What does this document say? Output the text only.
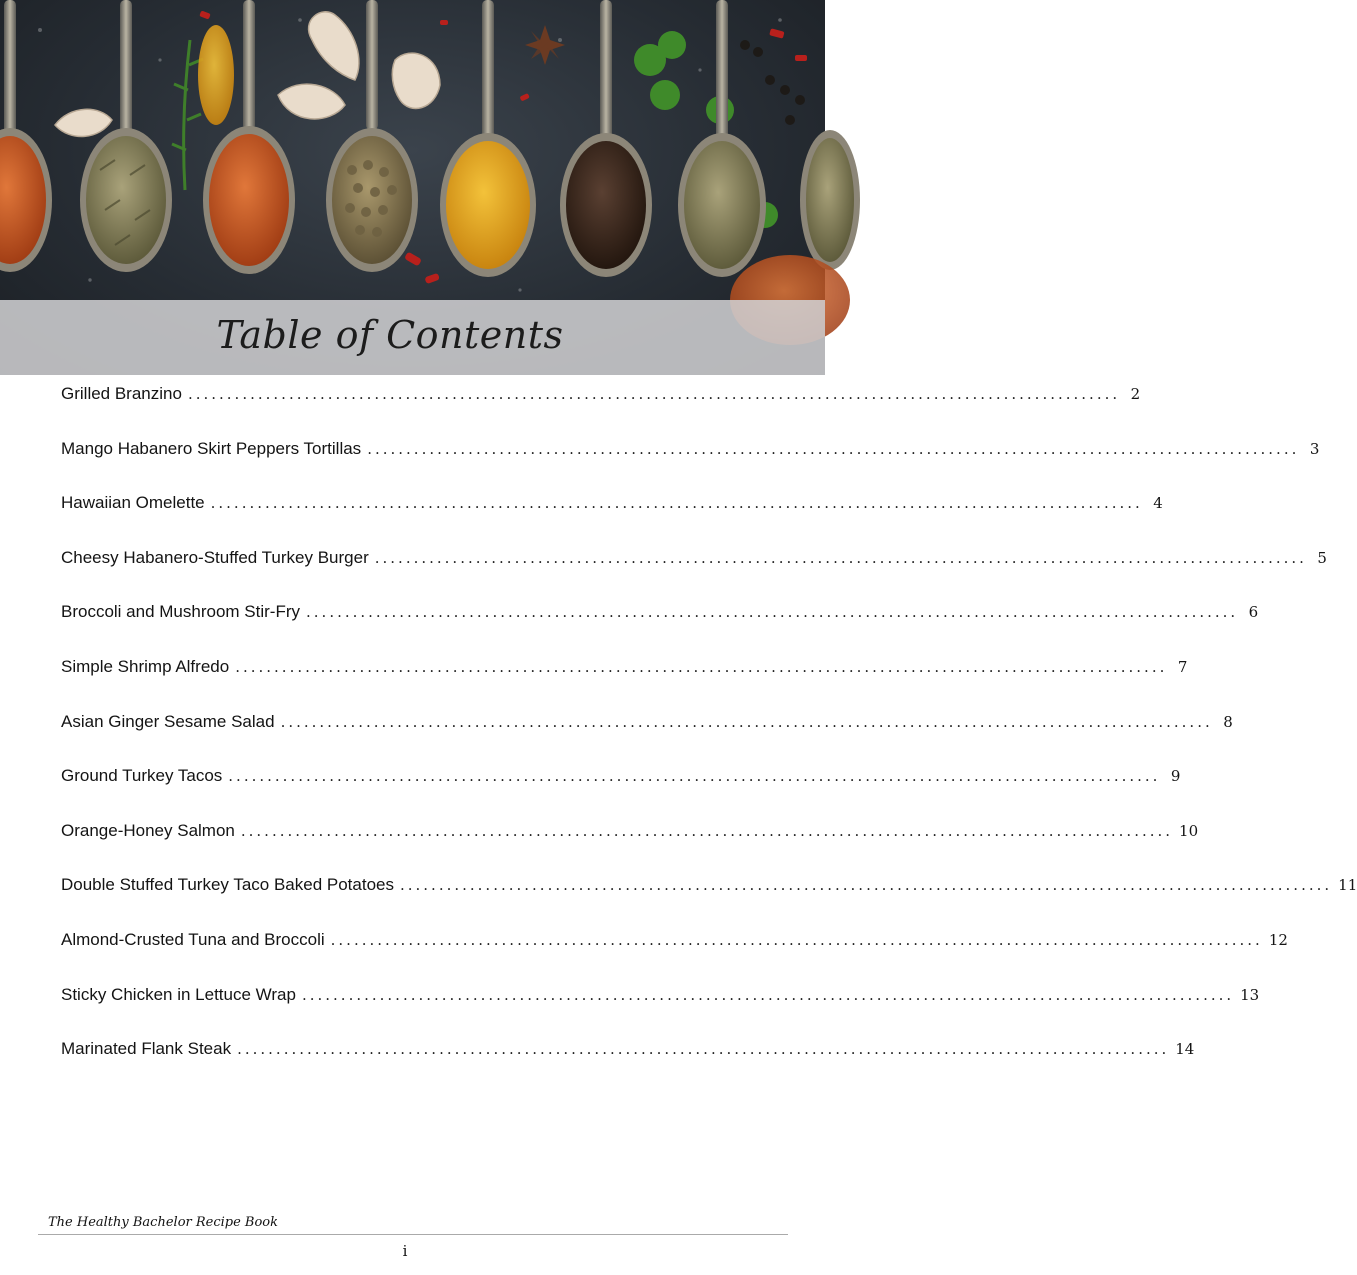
Table of Contents
Grilled Branzino ........................................................................................................................ 2
Mango Habanero Skirt Peppers Tortillas ........................................................................................................................ 3
Hawaiian Omelette ........................................................................................................................ 4
Cheesy Habanero-Stuffed Turkey Burger ........................................................................................................................ 5
Broccoli and Mushroom Stir-Fry ........................................................................................................................ 6
Simple Shrimp Alfredo ........................................................................................................................ 7
Asian Ginger Sesame Salad ........................................................................................................................ 8
Ground Turkey Tacos ........................................................................................................................ 9
Orange-Honey Salmon ........................................................................................................................ 10
Double Stuffed Turkey Taco Baked Potatoes ........................................................................................................................ 11
Almond-Crusted Tuna and Broccoli ........................................................................................................................ 12
Sticky Chicken in Lettuce Wrap ........................................................................................................................ 13
Marinated Flank Steak ........................................................................................................................ 14
The Healthy Bachelor Recipe Book
i
